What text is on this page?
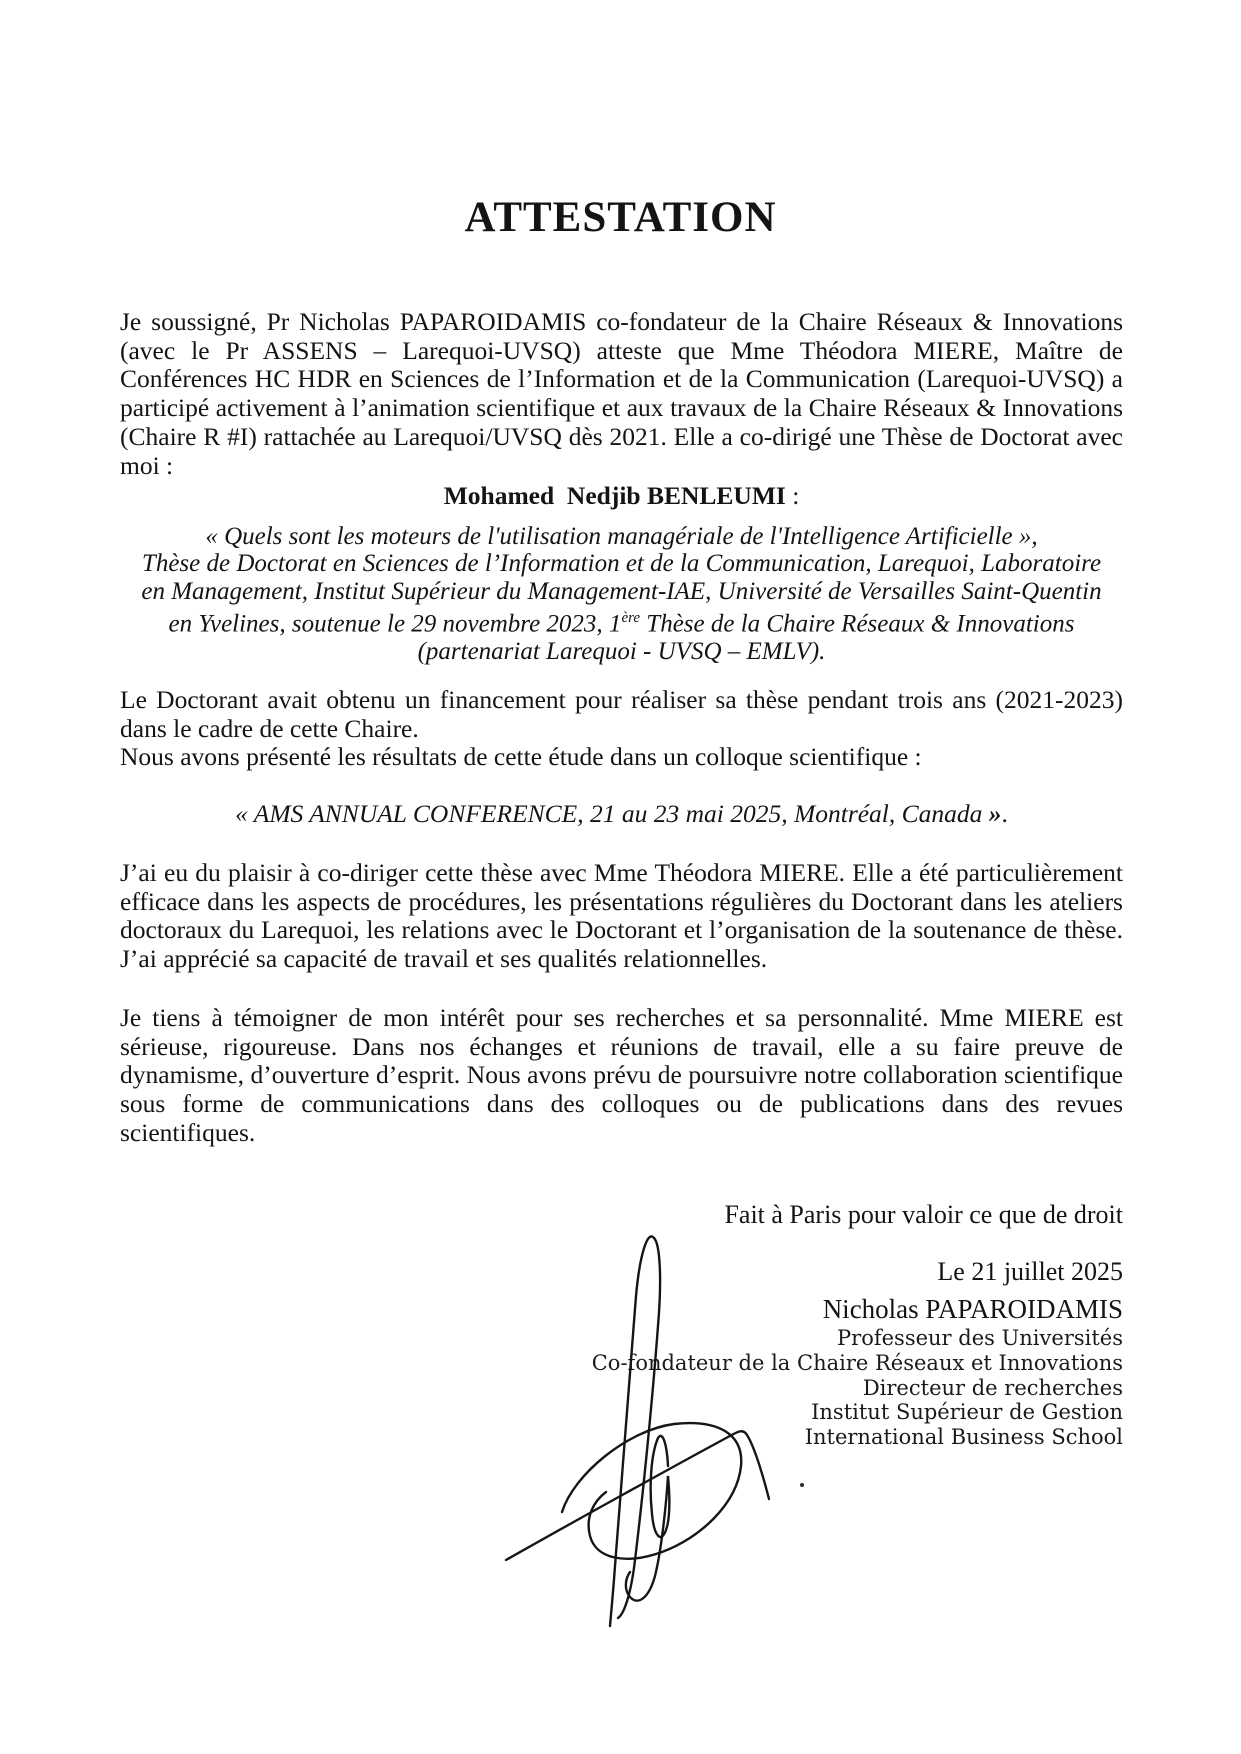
ATTESTATION
Je soussigné, Pr Nicholas PAPAROIDAMIS co-fondateur de la Chaire Réseaux & Innovations (avec le Pr ASSENS – Larequoi-UVSQ) atteste que Mme Théodora MIERE, Maître de Conférences HC HDR en Sciences de l’Information et de la Communication (Larequoi-UVSQ) a participé activement à l’animation scientifique et aux travaux de la Chaire Réseaux & Innovations (Chaire R #I) rattachée au Larequoi/UVSQ dès 2021. Elle a co-dirigé une Thèse de Doctorat avec moi :
Mohamed  Nedjib BENLEUMI :
« Quels sont les moteurs de l'utilisation managériale de l'Intelligence Artificielle »,
Thèse de Doctorat en Sciences de l’Information et de la Communication, Larequoi, Laboratoire
en Management, Institut Supérieur du Management-IAE, Université de Versailles Saint-Quentin
en Yvelines, soutenue le 29 novembre 2023, 1ère Thèse de la Chaire Réseaux & Innovations
(partenariat Larequoi - UVSQ – EMLV).
Le Doctorant avait obtenu un financement pour réaliser sa thèse pendant trois ans (2021-2023) dans le cadre de cette Chaire.
Nous avons présenté les résultats de cette étude dans un colloque scientifique :
« AMS ANNUAL CONFERENCE, 21 au 23 mai 2025, Montréal, Canada ».
J’ai eu du plaisir à co-diriger cette thèse avec Mme Théodora MIERE. Elle a été particulièrement efficace dans les aspects de procédures, les présentations régulières du Doctorant dans les ateliers doctoraux du Larequoi, les relations avec le Doctorant et l’organisation de la soutenance de thèse. J’ai apprécié sa capacité de travail et ses qualités relationnelles.
Je tiens à témoigner de mon intérêt pour ses recherches et sa personnalité. Mme MIERE est sérieuse, rigoureuse. Dans nos échanges et réunions de travail, elle a su faire preuve de dynamisme, d’ouverture d’esprit. Nous avons prévu de poursuivre notre collaboration scientifique sous forme de communications dans des colloques ou de publications dans des revues scientifiques.
Fait à Paris pour valoir ce que de droit
Le 21 juillet 2025
Nicholas PAPAROIDAMIS
Professeur des Universités
Co-fondateur de la Chaire Réseaux et Innovations
Directeur de recherches
Institut Supérieur de Gestion
International Business School
